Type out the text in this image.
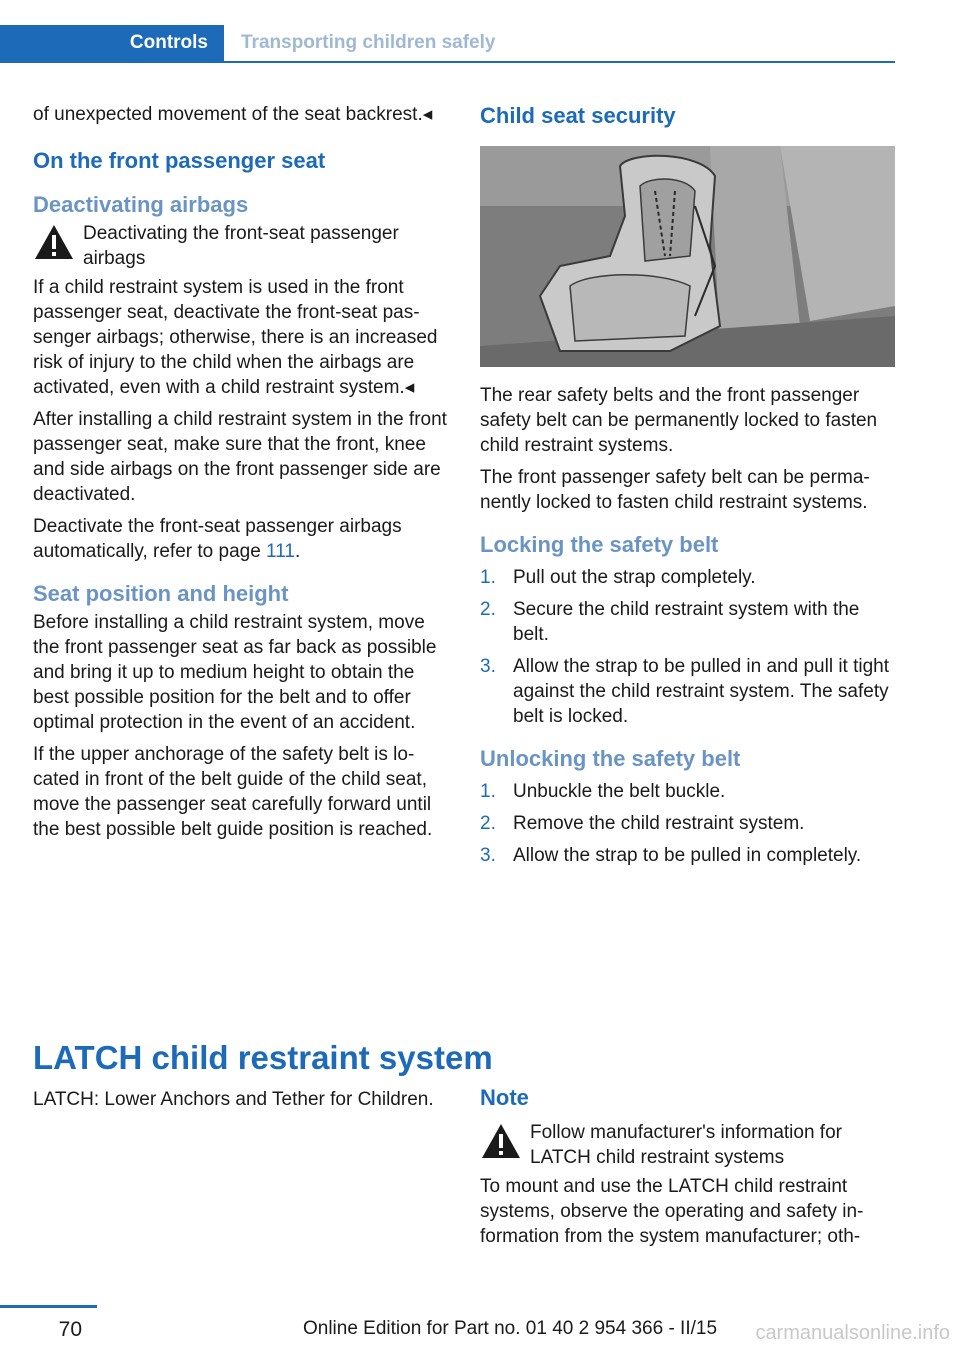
Controls	Transporting children safely

of unexpected movement of the seat backrest.◂

On the front passenger seat
Deactivating airbags
Deactivating the front-seat passenger airbags

If a child restraint system is used in the front passenger seat, deactivate the front-seat passenger airbags; otherwise, there is an increased risk of injury to the child when the airbags are activated, even with a child restraint system.◂

After installing a child restraint system in the front passenger seat, make sure that the front, knee and side airbags on the front passenger side are deactivated.

Deactivate the front-seat passenger airbags automatically, refer to page 111.

Seat position and height

Before installing a child restraint system, move the front passenger seat as far back as possible and bring it up to medium height to obtain the best possible position for the belt and to offer optimal protection in the event of an accident.

If the upper anchorage of the safety belt is located in front of the belt guide of the child seat, move the passenger seat carefully forward until the best possible belt guide position is reached.

Child seat security

The rear safety belts and the front passenger safety belt can be permanently locked to fasten child restraint systems.

The front passenger safety belt can be permanently locked to fasten child restraint systems.

Locking the safety belt
1. Pull out the strap completely.
2. Secure the child restraint system with the belt.
3. Allow the strap to be pulled in and pull it tight against the child restraint system. The safety belt is locked.
Unlocking the safety belt
1. Unbuckle the belt buckle.
2. Remove the child restraint system.
3. Allow the strap to be pulled in completely.
LATCH child restraint system
LATCH: Lower Anchors and Tether for Children.	Note
Follow manufacturer's information for LATCH child restraint systems

To mount and use the LATCH child restraint systems, observe the operating and safety information from the system manufacturer; oth-

70	Online Edition for Part no. 01 40 2 954 366 - II/15	carmanualsonline.info
